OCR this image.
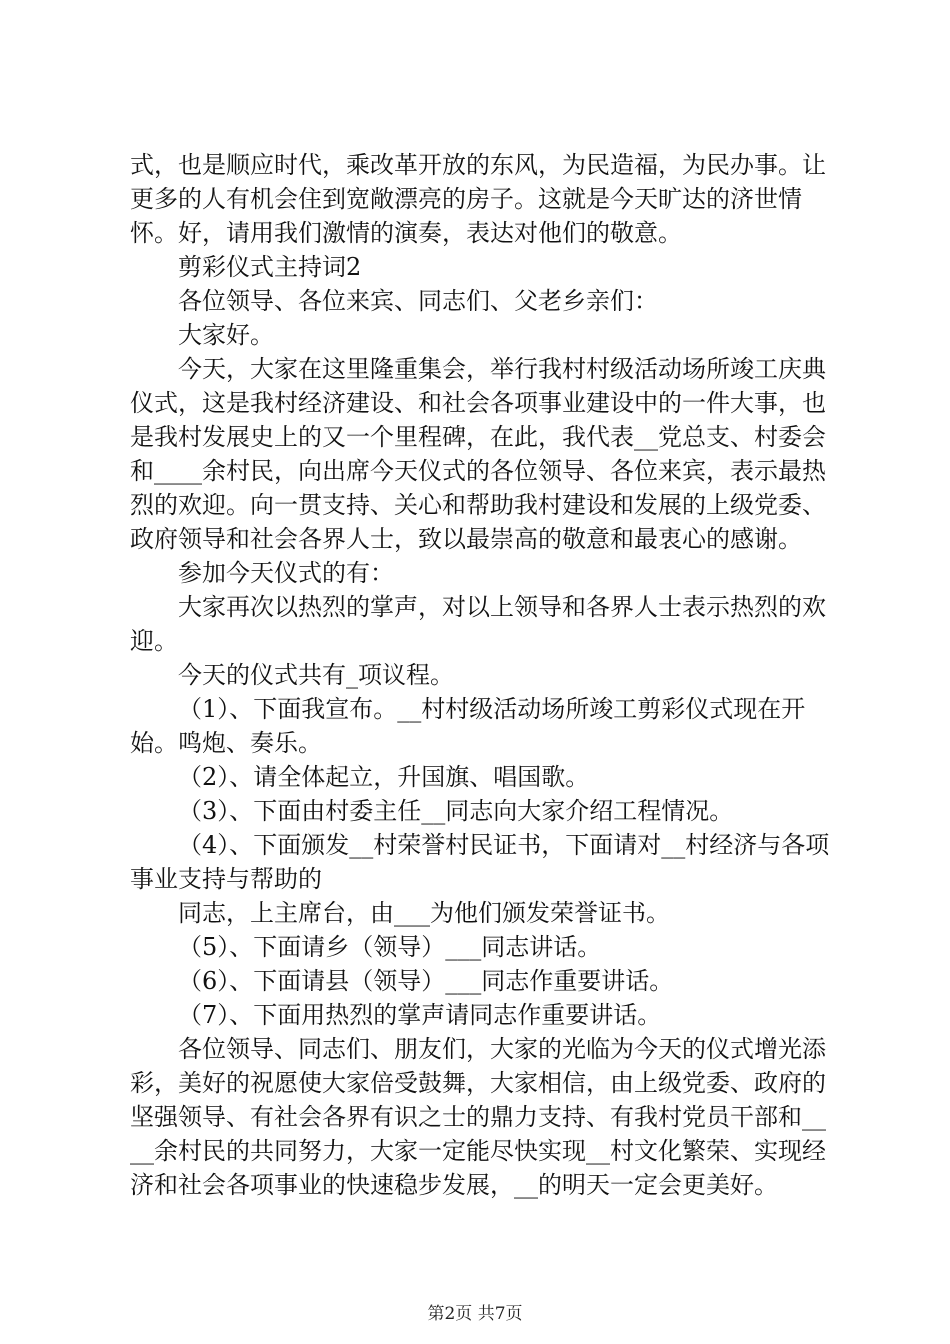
式，也是顺应时代，乘改革开放的东风，为民造福，为民办事。让更多的人有机会住到宽敞漂亮的房子。这就是今天旷达的济世情怀。好，请用我们激情的演奏，表达对他们的敬意。

剪彩仪式主持词2

各位领导、各位来宾、同志们、父老乡亲们：

大家好。

今天，大家在这里隆重集会，举行我村村级活动场所竣工庆典仪式，这是我村经济建设、和社会各项事业建设中的一件大事，也是我村发展史上的又一个里程碑，在此，我代表__党总支、村委会和____余村民，向出席今天仪式的各位领导、各位来宾，表示最热烈的欢迎。向一贯支持、关心和帮助我村建设和发展的上级党委、政府领导和社会各界人士，致以最崇高的敬意和最衷心的感谢。

参加今天仪式的有：

大家再次以热烈的掌声，对以上领导和各界人士表示热烈的欢迎。

今天的仪式共有_项议程。

（1）、下面我宣布。__村村级活动场所竣工剪彩仪式现在开始。鸣炮、奏乐。

（2）、请全体起立，升国旗、唱国歌。

（3）、下面由村委主任__同志向大家介绍工程情况。

（4）、下面颁发__村荣誉村民证书，下面请对__村经济与各项事业支持与帮助的

同志，上主席台，由___为他们颁发荣誉证书。

（5）、下面请乡（领导）___同志讲话。

（6）、下面请县（领导）___同志作重要讲话。

（7）、下面用热烈的掌声请同志作重要讲话。

各位领导、同志们、朋友们，大家的光临为今天的仪式增光添彩，美好的祝愿使大家倍受鼓舞，大家相信，由上级党委、政府的坚强领导、有社会各界有识之士的鼎力支持、有我村党员干部和____余村民的共同努力，大家一定能尽快实现__村文化繁荣、实现经济和社会各项事业的快速稳步发展，__的明天一定会更美好。

第2页 共7页
